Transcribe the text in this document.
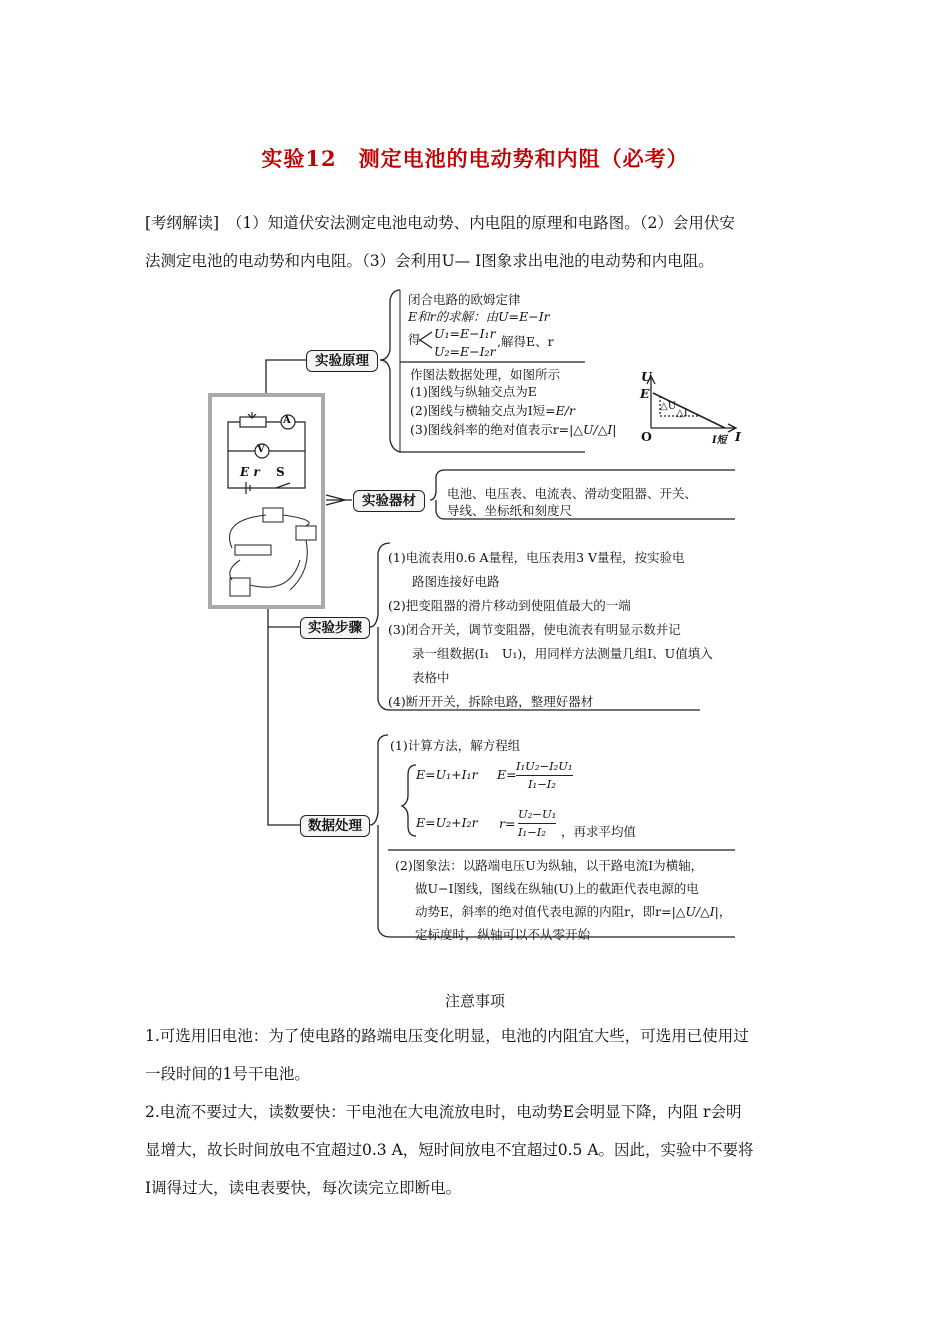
实验12　测定电池的电动势和内阻（必考）
[考纲解读]　（1）知道伏安法测定电池电动势、内电阻的原理和电路图。（2）会用伏安
法测定电池的电动势和内电阻。（3）会利用U— I图象求出电池的电动势和内电阻。
实验原理
闭合电路的欧姆定律
E和r的求解：由U=E−Ir
得 U₁=E−I₁r
U₂=E−I₂r
,解得E、r
作图法数据处理，如图所示
(1)图线与纵轴交点为E
(2)图线与横轴交点为I短=E/r
(3)图线斜率的绝对值表示r=|△U/△I|
U
E
O	I
I短
△U
△I
A
V
E r S
实验器材	电池、电压表、电流表、滑动变阻器、开关、
导线、坐标纸和刻度尺
实验步骤
(1)电流表用0.6 A量程，电压表用3 V量程，按实验电
路图连接好电路
(2)把变阻器的滑片移动到使阻值最大的一端
(3)闭合开关，调节变阻器，使电流表有明显示数并记
录一组数据(I₁　U₁)，用同样方法测量几组I、U值填入
表格中
(4)断开开关，拆除电路，整理好器材
数据处理
(1)计算方法，解方程组
E=U₁+I₁r
E=U₂+I₂r
E=
I₁U₂−I₂U₁
I₁−I₂
r=
U₂−U₁
I₁−I₂ ，再求平均值
(2)图象法：以路端电压U为纵轴，以干路电流I为横轴，
做U−I图线，图线在纵轴(U)上的截距代表电源的电
动势E，斜率的绝对值代表电源的内阻r，即r=|△U/△I|，
定标度时，纵轴可以不从零开始
注意事项
1.可选用旧电池：为了使电路的路端电压变化明显，电池的内阻宜大些，可选用已使用过
一段时间的1号干电池。
2.电流不要过大，读数要快：干电池在大电流放电时，电动势E会明显下降，内阻 r会明
显增大，故长时间放电不宜超过0.3 A，短时间放电不宜超过0.5 A。因此，实验中不要将
I调得过大，读电表要快，每次读完立即断电。
